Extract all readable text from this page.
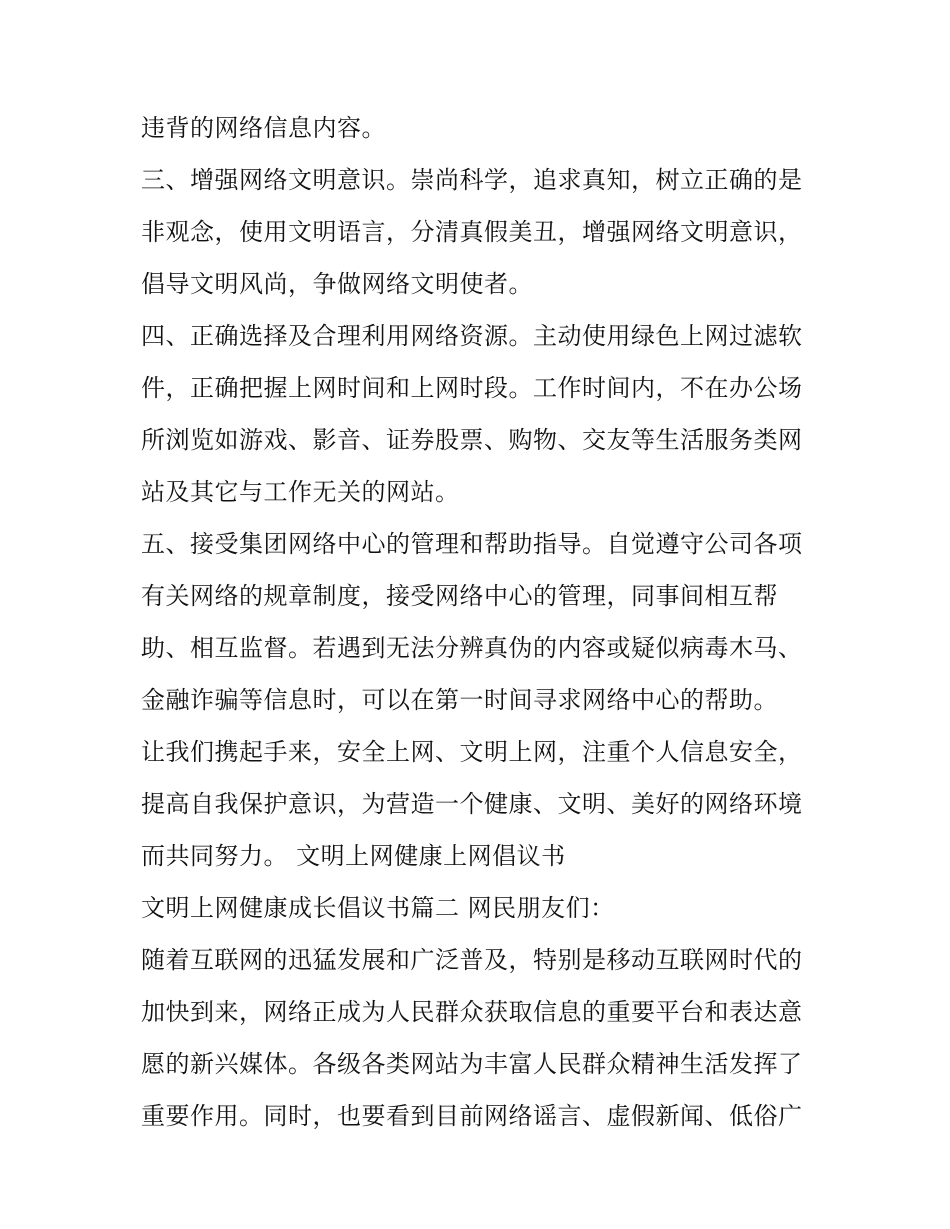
违背的网络信息内容。
三、增强网络文明意识。崇尚科学，追求真知，树立正确的是
非观念，使用文明语言，分清真假美丑，增强网络文明意识，
倡导文明风尚，争做网络文明使者。
四、正确选择及合理利用网络资源。主动使用绿色上网过滤软
件，正确把握上网时间和上网时段。工作时间内，不在办公场
所浏览如游戏、影音、证券股票、购物、交友等生活服务类网
站及其它与工作无关的网站。
五、接受集团网络中心的管理和帮助指导。自觉遵守公司各项
有关网络的规章制度，接受网络中心的管理，同事间相互帮
助、相互监督。若遇到无法分辨真伪的内容或疑似病毒木马、
金融诈骗等信息时，可以在第一时间寻求网络中心的帮助。
让我们携起手来，安全上网、文明上网，注重个人信息安全，
提高自我保护意识，为营造一个健康、文明、美好的网络环境
而共同努力。 文明上网健康上网倡议书
文明上网健康成长倡议书篇二 网民朋友们：
随着互联网的迅猛发展和广泛普及，特别是移动互联网时代的
加快到来，网络正成为人民群众获取信息的重要平台和表达意
愿的新兴媒体。各级各类网站为丰富人民群众精神生活发挥了
重要作用。同时，也要看到目前网络谣言、虚假新闻、低俗广
